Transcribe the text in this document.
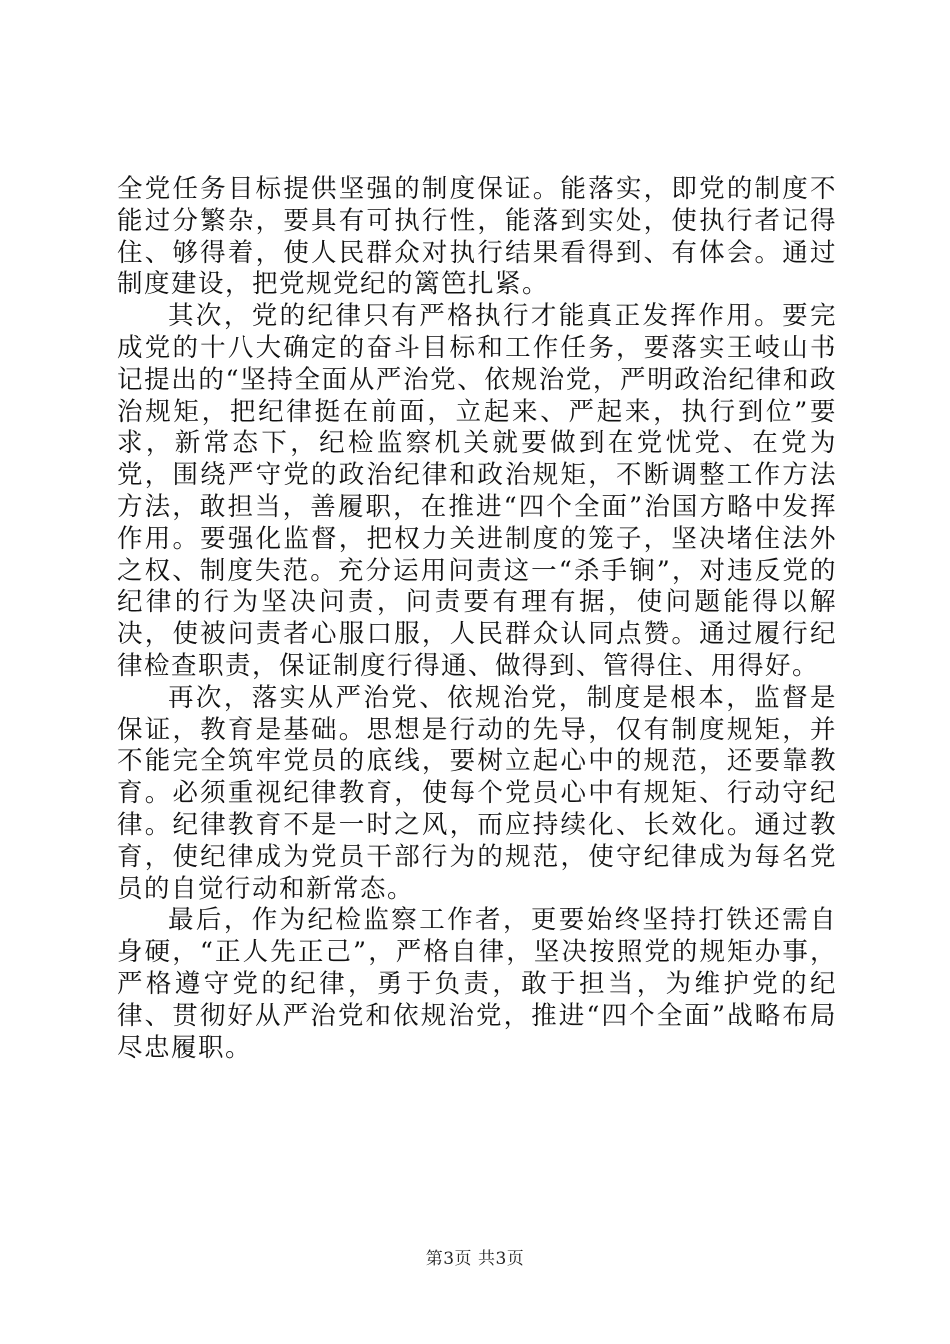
全党任务目标提供坚强的制度保证。能落实，即党的制度不能过分繁杂，要具有可执行性，能落到实处，使执行者记得住、够得着，使人民群众对执行结果看得到、有体会。通过制度建设，把党规党纪的篱笆扎紧。

其次，党的纪律只有严格执行才能真正发挥作用。要完成党的十八大确定的奋斗目标和工作任务，要落实王岐山书记提出的“坚持全面从严治党、依规治党，严明政治纪律和政治规矩，把纪律挺在前面，立起来、严起来，执行到位”要求，新常态下，纪检监察机关就要做到在党忧党、在党为党，围绕严守党的政治纪律和政治规矩，不断调整工作方法方法，敢担当，善履职，在推进“四个全面”治国方略中发挥作用。要强化监督，把权力关进制度的笼子，坚决堵住法外之权、制度失范。充分运用问责这一“杀手锏”，对违反党的纪律的行为坚决问责，问责要有理有据，使问题能得以解决，使被问责者心服口服，人民群众认同点赞。通过履行纪律检查职责，保证制度行得通、做得到、管得住、用得好。

再次，落实从严治党、依规治党，制度是根本，监督是保证，教育是基础。思想是行动的先导，仅有制度规矩，并不能完全筑牢党员的底线，要树立起心中的规范，还要靠教育。必须重视纪律教育，使每个党员心中有规矩、行动守纪律。纪律教育不是一时之风，而应持续化、长效化。通过教育，使纪律成为党员干部行为的规范，使守纪律成为每名党员的自觉行动和新常态。

最后，作为纪检监察工作者，更要始终坚持打铁还需自身硬，“正人先正己”，严格自律，坚决按照党的规矩办事，严格遵守党的纪律，勇于负责，敢于担当，为维护党的纪律、贯彻好从严治党和依规治党，推进“四个全面”战略布局尽忠履职。

第3页 共3页
